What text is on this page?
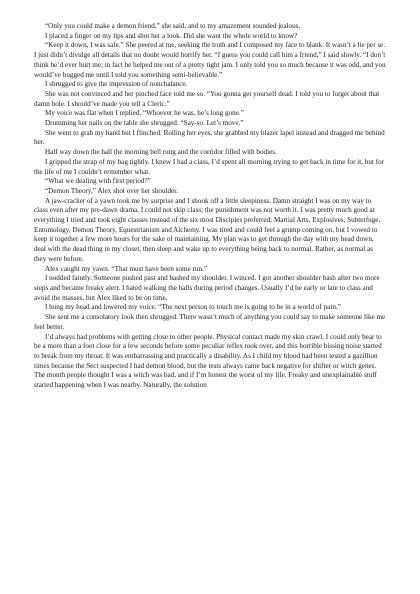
“Only you could make a demon friend,” she said, and to my amazement sounded jealous.

I placed a finger on my lips and shot her a look. Did she want the whole world to know?

“Keep it down, I was safe.” She peered at me, seeking the truth and I composed my face to blank. It wasn’t a lie per se. I just didn’t divulge all details that no doubt would horrify her. “I guess you could call him a friend,” I said slowly. “I don’t think he’d ever hurt me; in fact he helped me out of a pretty tight jam. I only told you so much because it was odd, and you would’ve bugged me until I told you something semi-believable.”

I shrugged to give the impression of nonchalance.

She was not convinced and her pinched face told me so. “You gonna get yourself dead. I told you to forget about that damn hole. I should’ve made you tell a Cleric.”

My voice was flat when I replied, “Whoever he was, he’s long gone.”

Drumming her nails on the table she shrugged. “Say-so. Let’s move.”

She went to grab my hand but I flinched. Rolling her eyes, she grabbed my blazer lapel instead and dragged me behind her.

Half way down the hall the morning bell rung and the corridor filled with bodies.

I gripped the strap of my bag tightly. I knew I had a class, I’d spent all morning trying to get back in time for it, but for the life of me I couldn’t remember what.

“What we dealing with first period?”

“Demon Theory,” Alex shot over her shoulder.

A jaw-cracker of a yawn took me by surprise and I shook off a little sleepiness. Damn straight I was on my way to class even after my pre-dawn drama. I could not skip class; the punishment was not worth it. I was pretty much good at everything I tried and took eight classes instead of the six most Disciples preferred; Martial Arts, Explosives, Subterfuge, Entomology, Demon Theory, Equestrianism and Alchemy. I was tired and could feel a grump coming on, but I vowed to keep it together a few more hours for the sake of maintaining. My plan was to get through the day with my head down, deal with the dead thing in my closet, then sleep and wake up to everything being back to normal. Rather, as normal as they were before.

Alex caught my yawn. “That must have been some run.”

I nodded faintly. Someone pushed past and bashed my shoulder. I winced. I got another shoulder bash after two more steps and became freaky alert. I hated walking the halls during period changes. Usually I’d be early or late to class and avoid the masses, but Alex liked to be on time.

I hung my head and lowered my voice. “The next person to touch me is going to be in a world of pain.”

She sent me a consolatory look then shrugged. There wasn’t much of anything you could say to make someone like me feel better.

I’d always had problems with getting close to other people. Physical contact made my skin crawl. I could only bear to be a more than a foot close for a few seconds before some peculiar reflex took over, and this horrible hissing noise started to break from my throat. It was embarrassing and practically a disability. As I child my blood had been tested a gazillion times because the Sect suspected I had demon blood, but the tests always came back negative for shifter or witch genes. The month people thought I was a witch was bad, and if I’m honest the worst of my life. Freaky and unexplainable stuff started happening when I was nearby. Naturally, the solution
